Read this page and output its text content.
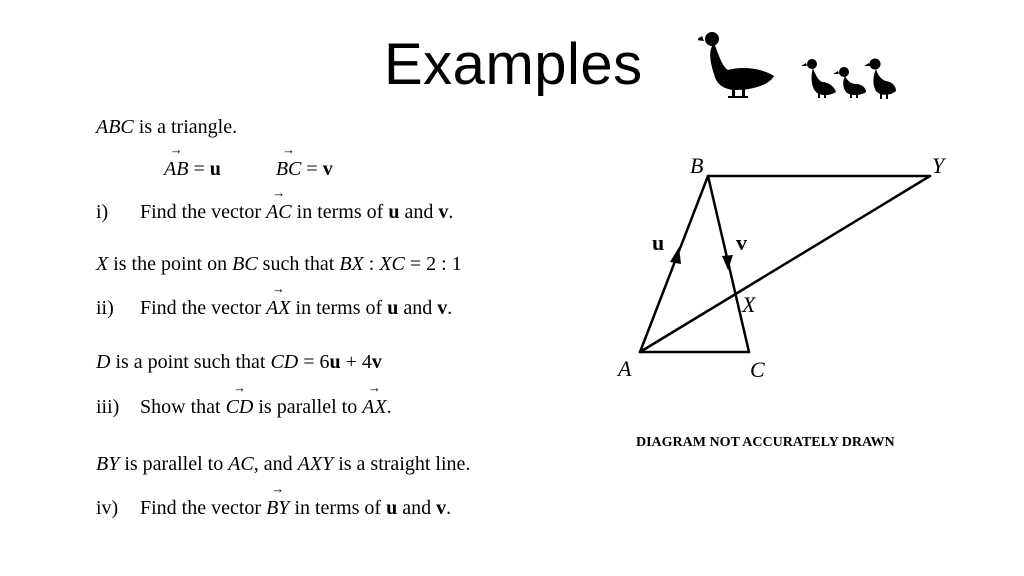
Examples
ABC is a triangle.
→ AB = u →	BC = v
i) Find the vector → AC in terms of u and v.
X is the point on BC such that BX : XC = 2 : 1
ii) Find the vector → AX in terms of u and v.
D is a point such that CD = 6u + 4v
iii) Show that → CD is parallel to → AX.
BY is parallel to AC, and AXY is a straight line.
iv) Find the vector → BY in terms of u and v.
B	Y
u	v
X
A	C
DIAGRAM NOT ACCURATELY DRAWN
